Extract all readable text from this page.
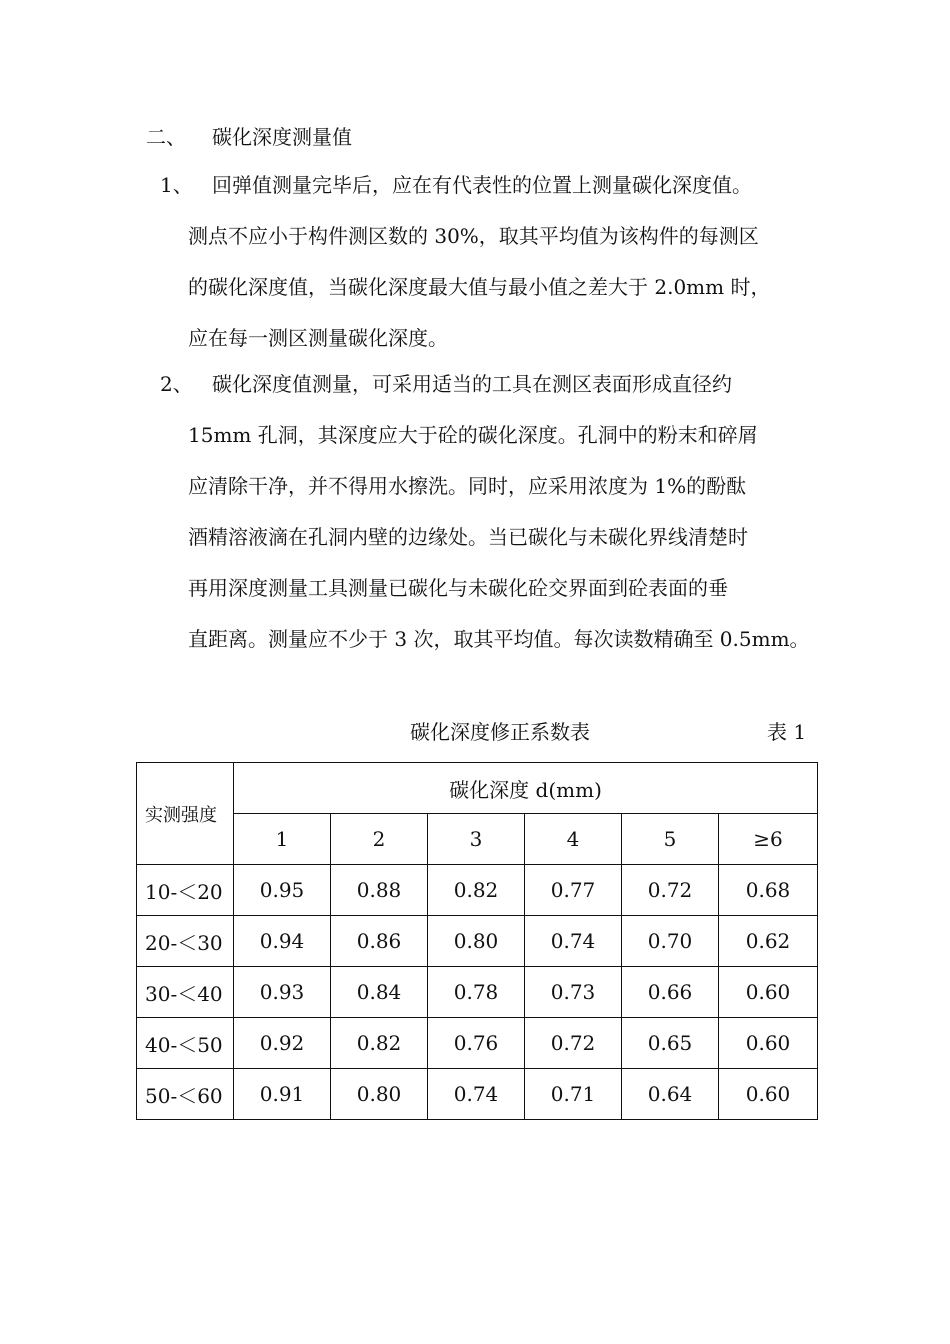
二、 碳化深度测量值
1、 回弹值测量完毕后，应在有代表性的位置上测量碳化深度值。
测点不应小于构件测区数的 30%，取其平均值为该构件的每测区
的碳化深度值，当碳化深度最大值与最小值之差大于 2.0mm 时，
应在每一测区测量碳化深度。
2、 碳化深度值测量，可采用适当的工具在测区表面形成直径约
15mm 孔洞，其深度应大于砼的碳化深度。孔洞中的粉末和碎屑
应清除干净，并不得用水擦洗。同时，应采用浓度为 1%的酚酞
酒精溶液滴在孔洞内壁的边缘处。当已碳化与未碳化界线清楚时
再用深度测量工具测量已碳化与未碳化砼交界面到砼表面的垂
直距离。测量应不少于 3 次，取其平均值。每次读数精确至 0.5mm。
碳化深度修正系数表	表 1
实测强度	碳化深度 d(mm)					
	1	2	3	4	5	≥6
10-＜20	0.95	0.88	0.82	0.77	0.72	0.68
20-＜30	0.94	0.86	0.80	0.74	0.70	0.62
30-＜40	0.93	0.84	0.78	0.73	0.66	0.60
40-＜50	0.92	0.82	0.76	0.72	0.65	0.60
50-＜60	0.91	0.80	0.74	0.71	0.64	0.60
